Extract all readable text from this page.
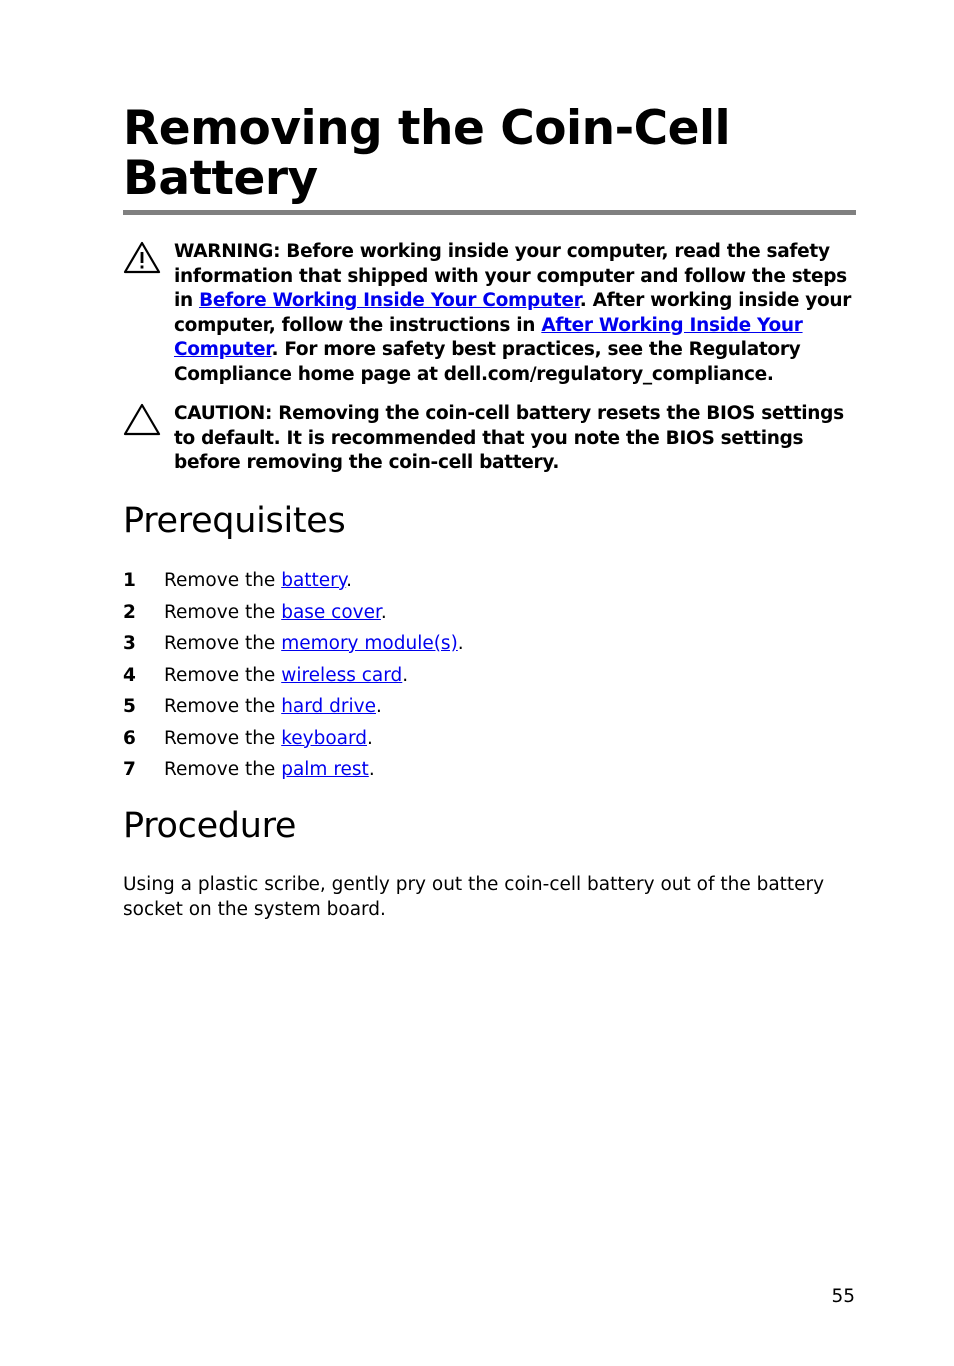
Removing the Coin-Cell Battery
WARNING: Before working inside your computer, read the safety information that shipped with your computer and follow the steps in Before Working Inside Your Computer. After working inside your computer, follow the instructions in After Working Inside Your Computer. For more safety best practices, see the Regulatory Compliance home page at dell.com/regulatory_compliance.
CAUTION: Removing the coin-cell battery resets the BIOS settings to default. It is recommended that you note the BIOS settings before removing the coin-cell battery.
Prerequisites
1 Remove the battery.
2 Remove the base cover.
3 Remove the memory module(s).
4 Remove the wireless card.
5 Remove the hard drive.
6 Remove the keyboard.
7 Remove the palm rest.
Procedure

Using a plastic scribe, gently pry out the coin-cell battery out of the battery socket on the system board.

55
